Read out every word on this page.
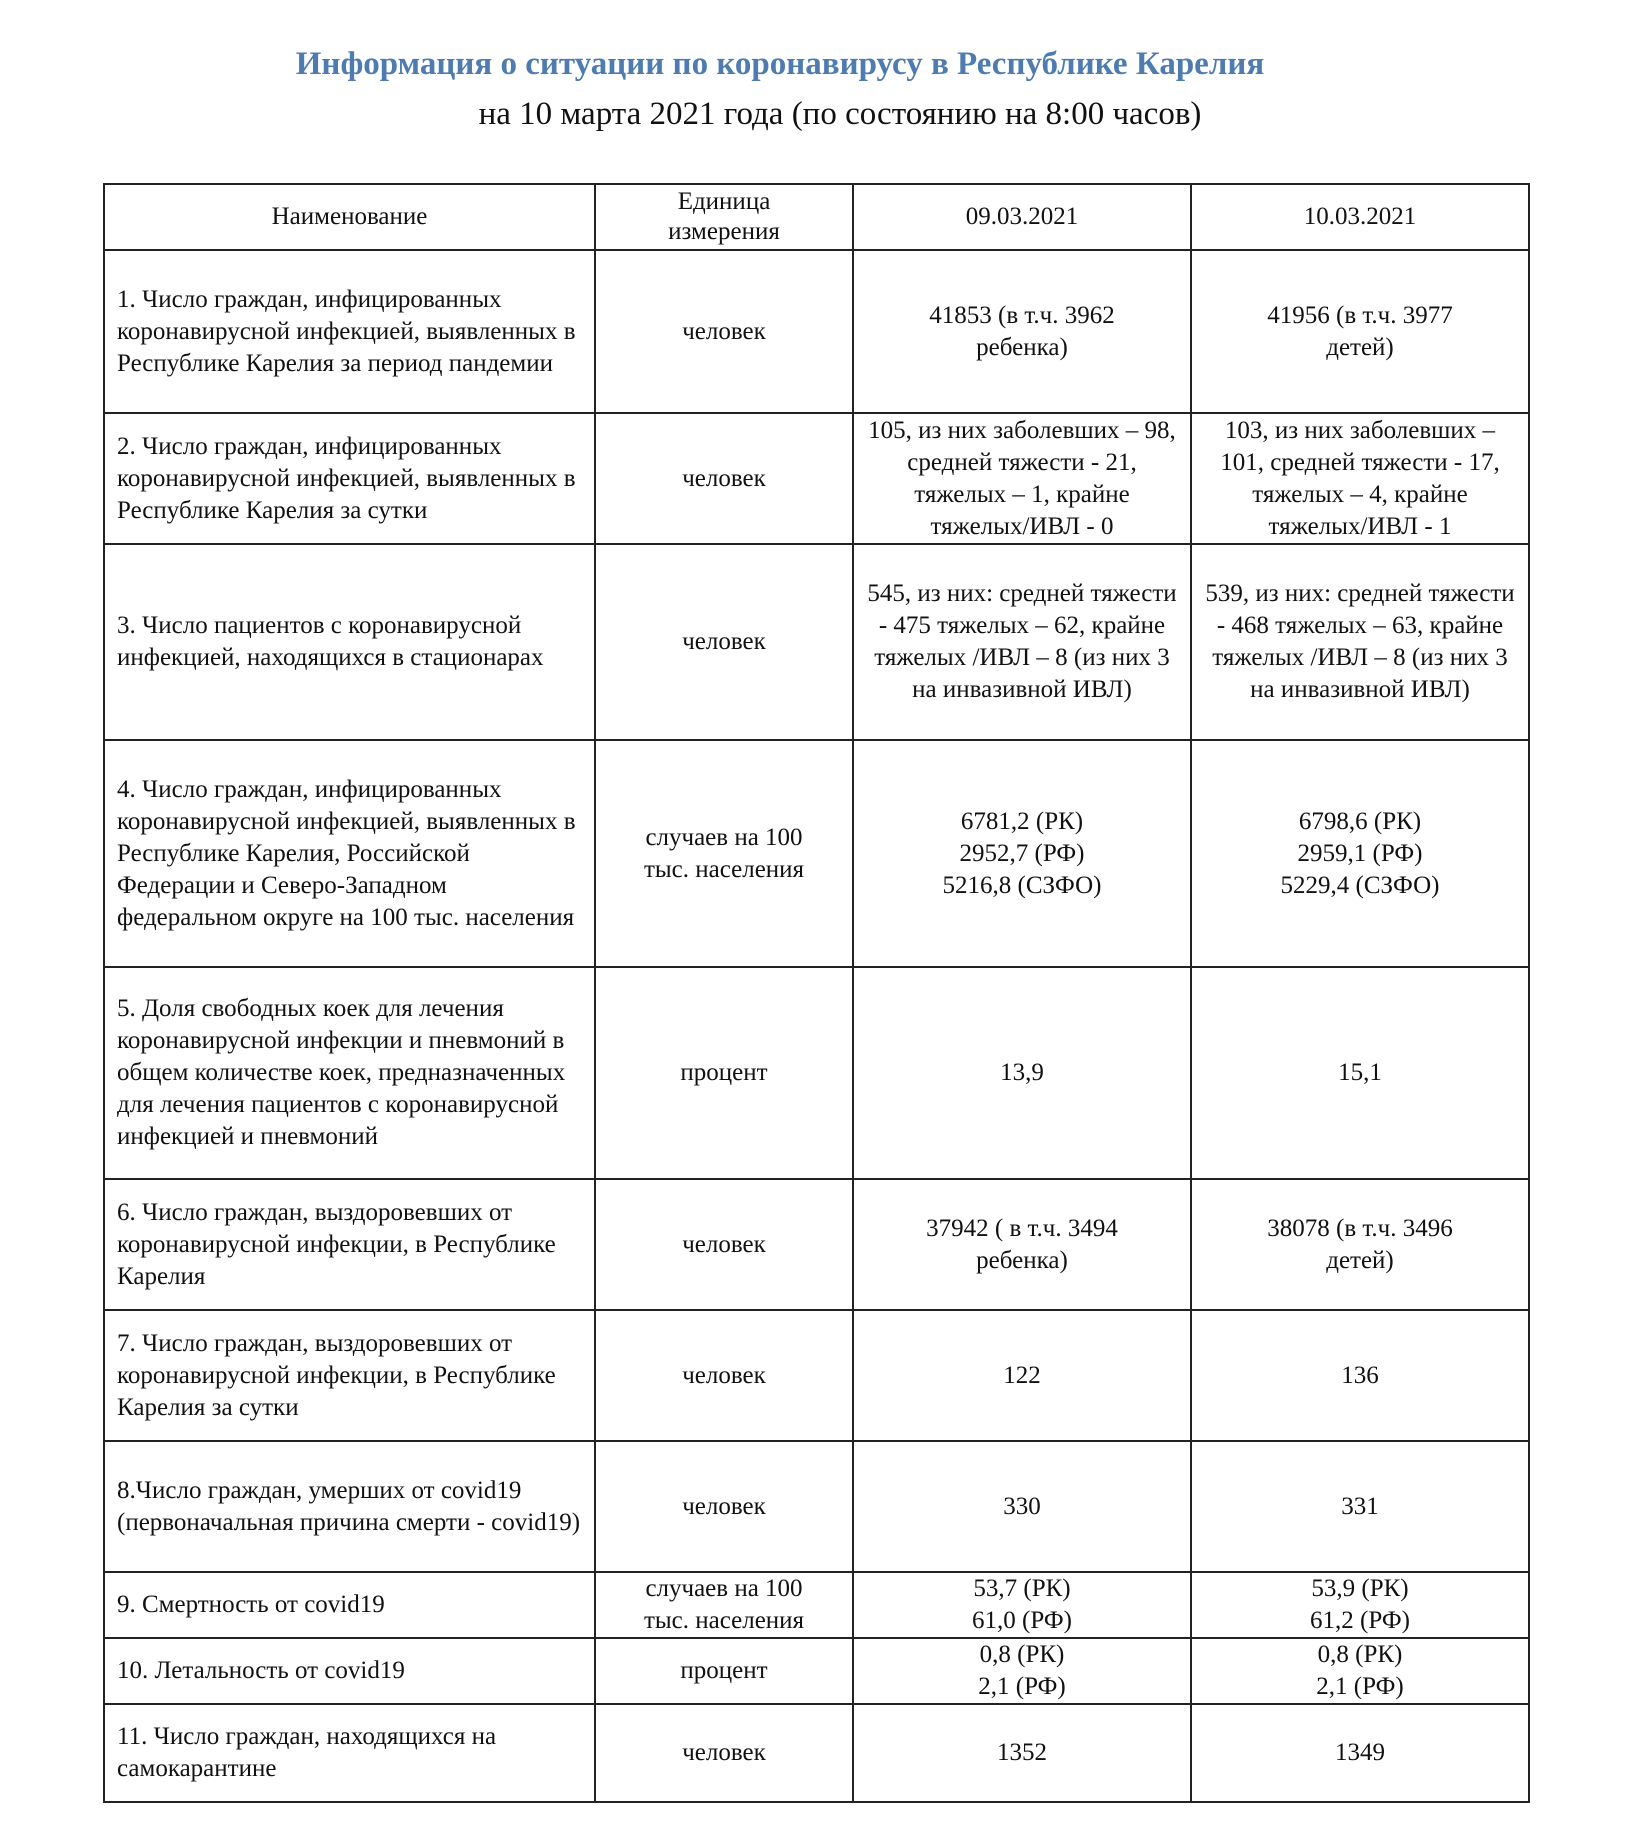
Информация о ситуации по коронавирусу в Республике Карелия
на 10 марта 2021 года (по состоянию на 8:00 часов)
Наименование	Единица измерения	09.03.2021	10.03.2021
1. Число граждан, инфицированных коронавирусной инфекцией, выявленных в Республике Карелия за период пандемии	человек	41853 (в т.ч. 3962 ребенка)	41956 (в т.ч. 3977 детей)
2. Число граждан, инфицированных коронавирусной инфекцией, выявленных в Республике Карелия за сутки	человек	105, из них заболевших – 98, средней тяжести - 21, тяжелых – 1, крайне тяжелых/ИВЛ - 0	103, из них заболевших – 101, средней тяжести - 17, тяжелых – 4, крайне тяжелых/ИВЛ - 1
3. Число пациентов с коронавирусной инфекцией, находящихся в стационарах	человек	545, из них: средней тяжести - 475 тяжелых – 62, крайне тяжелых /ИВЛ – 8 (из них 3 на инвазивной ИВЛ)	539, из них: средней тяжести - 468 тяжелых – 63, крайне тяжелых /ИВЛ – 8 (из них 3 на инвазивной ИВЛ)
4. Число граждан, инфицированных коронавирусной инфекцией, выявленных в Республике Карелия, Российской Федерации и Северо-Западном федеральном округе на 100 тыс. населения	случаев на 100 тыс. населения	6781,2 (РК)
2952,7 (РФ)
5216,8 (СЗФО)	6798,6 (РК)
2959,1 (РФ)
5229,4 (СЗФО)

5. Доля свободных коек для лечения коронавирусной инфекции и пневмоний в общем количестве коек, предназначенных для лечения пациентов с коронавирусной инфекцией и пневмоний	процент	13,9	15,1
6. Число граждан, выздоровевших от коронавирусной инфекции, в Республике Карелия	человек	37942 ( в т.ч. 3494 ребенка)	38078 (в т.ч. 3496 детей)
7. Число граждан, выздоровевших от коронавирусной инфекции, в Республике Карелия за сутки	человек	122	136
8.Число граждан, умерших от covid19 (первоначальная причина смерти - covid19)	человек	330	331
9. Смертность от covid19	случаев на 100 тыс. населения	53,7 (РК)
61,0 (РФ)	53,9 (РК)
61,2 (РФ)

10. Летальность от covid19	процент	0,8 (РК)
2,1 (РФ)	0,8 (РК)
2,1 (РФ)

11. Число граждан, находящихся на самокарантине	человек	1352	1349
